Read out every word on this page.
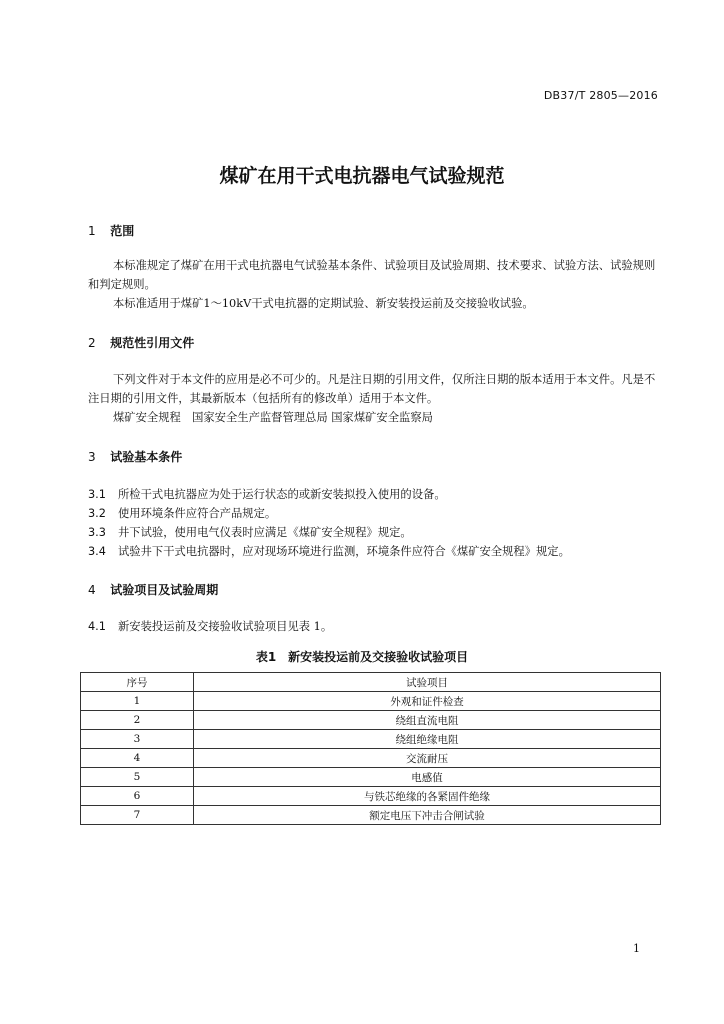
DB37/T 2805—2016
煤矿在用干式电抗器电气试验规范
1 范围
本标准规定了煤矿在用干式电抗器电气试验基本条件、试验项目及试验周期、技术要求、试验方法、试验规则和判定规则。
本标准适用于煤矿1～10kV干式电抗器的定期试验、新安装投运前及交接验收试验。
2 规范性引用文件
下列文件对于本文件的应用是必不可少的。凡是注日期的引用文件，仅所注日期的版本适用于本文件。凡是不注日期的引用文件，其最新版本（包括所有的修改单）适用于本文件。
煤矿安全规程　国家安全生产监督管理总局 国家煤矿安全监察局
3 试验基本条件
3.1 所检干式电抗器应为处于运行状态的或新安装拟投入使用的设备。
3.2 使用环境条件应符合产品规定。
3.3 井下试验，使用电气仪表时应满足《煤矿安全规程》规定。
3.4 试验井下干式电抗器时，应对现场环境进行监测，环境条件应符合《煤矿安全规程》规定。
4 试验项目及试验周期
4.1 新安装投运前及交接验收试验项目见表 1。
表1　新安装投运前及交接验收试验项目
序号	试验项目
1	外观和证件检查
2	绕组直流电阻
3	绕组绝缘电阻
4	交流耐压
5	电感值
6	与铁芯绝缘的各紧固件绝缘
7	额定电压下冲击合闸试验
1
